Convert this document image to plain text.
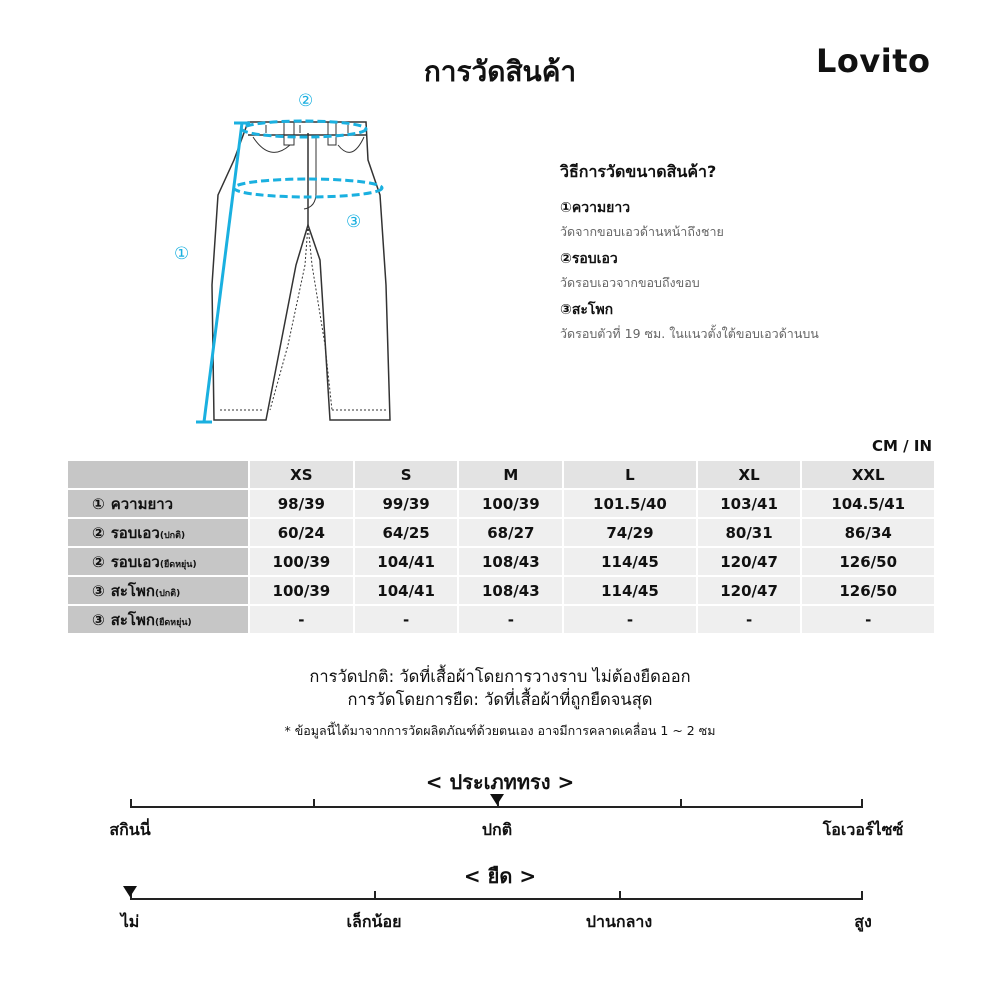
การวัดสินค้า	Lovito
②
①
③
วิธีการวัดขนาดสินค้า?
①ความยาว
วัดจากขอบเอวด้านหน้าถึงชาย
②รอบเอว
วัดรอบเอวจากขอบถึงขอบ
③สะโพก
วัดรอบตัวที่ 19 ซม. ในแนวตั้งใต้ขอบเอวด้านบน
CM / IN
	XS	S	M	L	XL	XXL
① ความยาว	98/39	99/39	100/39	101.5/40	103/41	104.5/41
② รอบเอว(ปกติ)	60/24	64/25	68/27	74/29	80/31	86/34
② รอบเอว(ยืดหยุ่น)	100/39	104/41	108/43	114/45	120/47	126/50
③ สะโพก(ปกติ)	100/39	104/41	108/43	114/45	120/47	126/50
③ สะโพก(ยืดหยุ่น)	-	-	-	-	-	-
การวัดปกติ: วัดที่เสื้อผ้าโดยการวางราบ ไม่ต้องยืดออก
การวัดโดยการยืด: วัดที่เสื้อผ้าที่ถูกยืดจนสุด
* ข้อมูลนี้ได้มาจากการวัดผลิตภัณฑ์ด้วยตนเอง อาจมีการคลาดเคลื่อน 1 ~ 2 ซม
< ประเภททรง >
สกินนี่	ปกติ	โอเวอร์ไซซ์
< ยืด >
ไม่	เล็กน้อย	ปานกลาง	สูง
